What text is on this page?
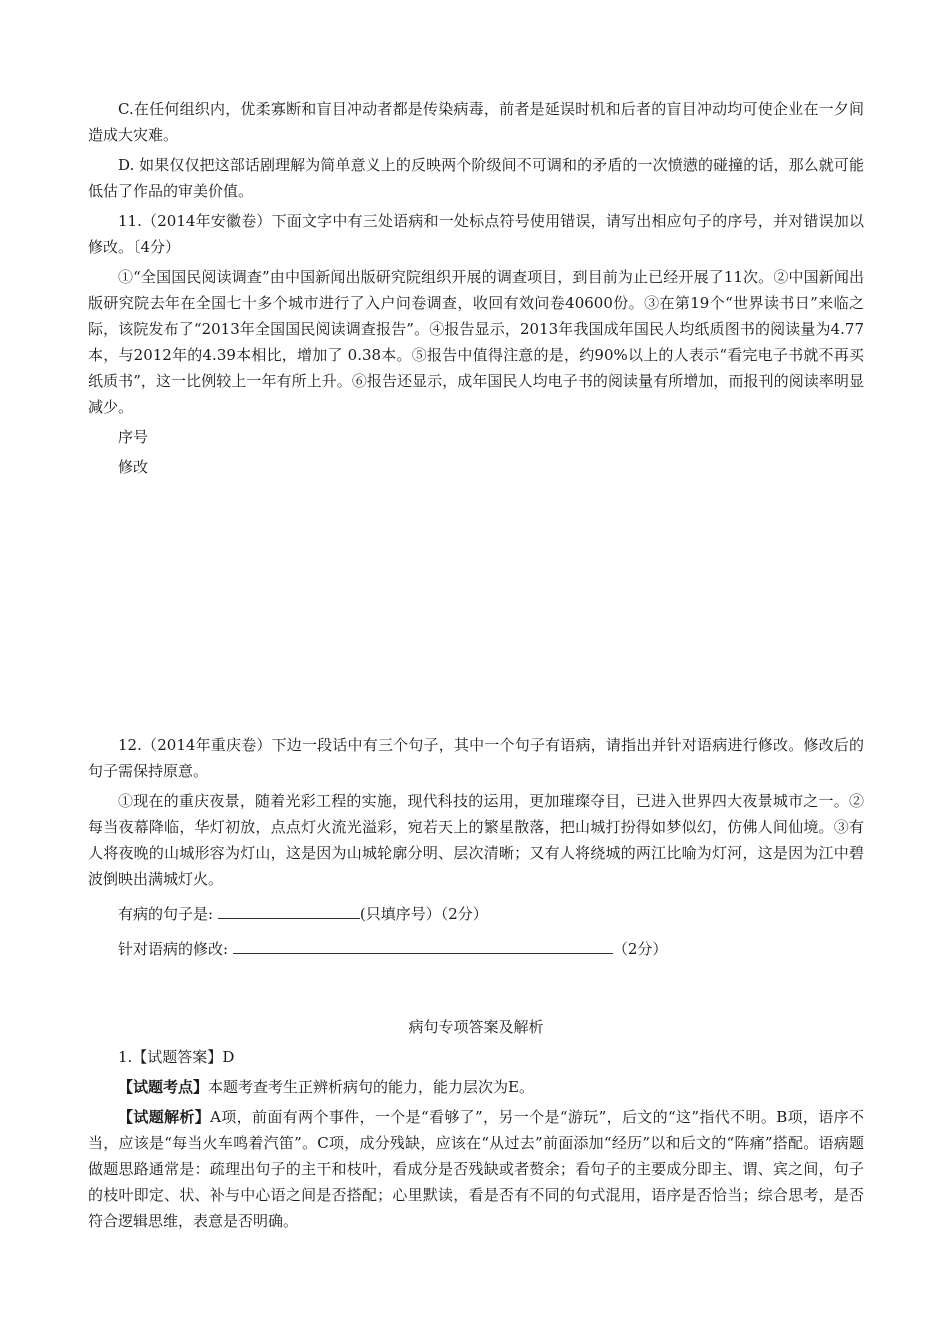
C.在任何组织内，优柔寡断和盲目冲动者都是传染病毒，前者是延误时机和后者的盲目冲动均可使企业在一夕间造成大灾难。

D. 如果仅仅把这部话剧理解为简单意义上的反映两个阶级间不可调和的矛盾的一次愤懑的碰撞的话，那么就可能低估了作品的审美价值。

11.（2014年安徽卷）下面文字中有三处语病和一处标点符号使用错误，请写出相应句子的序号，并对错误加以修改。〔4分）

①“全国国民阅读调查”由中国新闻出版研究院组织开展的调查项目，到目前为止已经开展了11次。②中国新闻出版研究院去年在全国七十多个城市进行了入户问卷调查，收回有效问卷40600份。③在第19个“世界读书日”来临之际，该院发布了“2013年全国国民阅读调查报告”。④报告显示，2013年我国成年国民人均纸质图书的阅读量为4.77本，与2012年的4.39本相比，增加了 0.38本。⑤报告中值得注意的是，约90%以上的人表示“看完电子书就不再买纸质书”，这一比例较上一年有所上升。⑥报告还显示，成年国民人均电子书的阅读量有所增加，而报刊的阅读率明显减少。

序号

修改

12.（2014年重庆卷）下边一段话中有三个句子，其中一个句子有语病，请指出并针对语病进行修改。修改后的句子需保持原意。

①现在的重庆夜景，随着光彩工程的实施，现代科技的运用，更加璀璨夺目，已进入世界四大夜景城市之一。②每当夜幕降临，华灯初放，点点灯火流光溢彩，宛若天上的繁星散落，把山城打扮得如梦似幻，仿佛人间仙境。③有人将夜晚的山城形容为灯山，这是因为山城轮廓分明、层次清晰；又有人将绕城的两江比喻为灯河，这是因为江中碧波倒映出满城灯火。

有病的句子是:	(只填序号）（2分）

针对语病的修改:	（2分）

病句专项答案及解析

1.【试题答案】D

【试题考点】本题考查考生正辨析病句的能力，能力层次为E。

【试题解析】A项，前面有两个事件，一个是“看够了”，另一个是“游玩”，后文的“这”指代不明。B项，语序不当，应该是“每当火车鸣着汽笛”。C项，成分残缺，应该在“从过去”前面添加“经历”以和后文的“阵痛”搭配。语病题做题思路通常是：疏理出句子的主干和枝叶，看成分是否残缺或者赘余；看句子的主要成分即主、谓、宾之间，句子的枝叶即定、状、补与中心语之间是否搭配；心里默读，看是否有不同的句式混用，语序是否恰当；综合思考，是否符合逻辑思维，表意是否明确。
